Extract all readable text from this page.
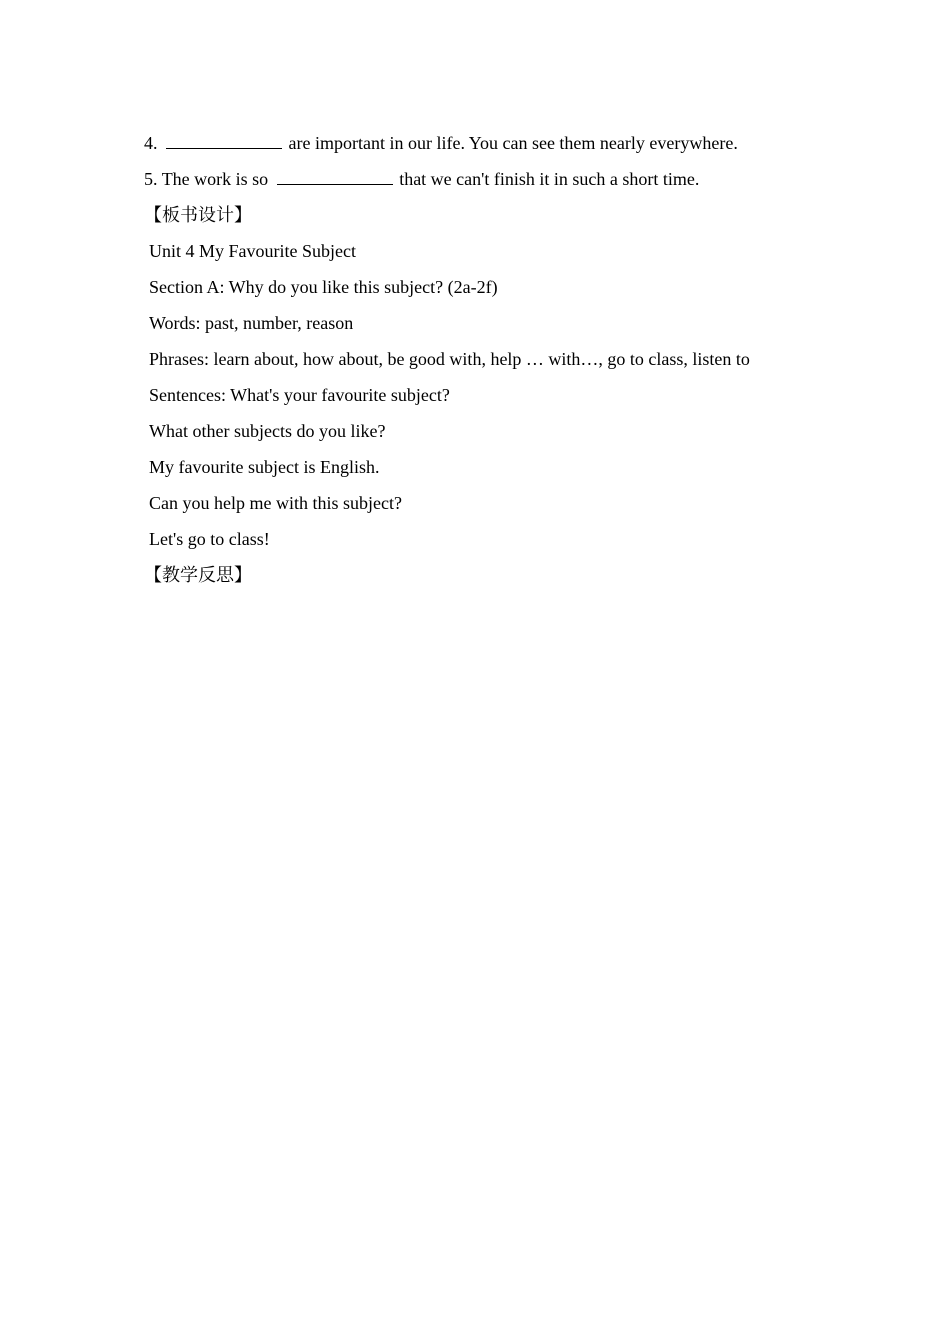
4.	are important in our life. You can see them nearly everywhere.
5. The work is so	that we can't finish it in such a short time.
【板书设计】
Unit 4 My Favourite Subject
Section A: Why do you like this subject? (2a-2f)
Words: past, number, reason
Phrases: learn about, how about, be good with, help … with…, go to class, listen to
Sentences: What's your favourite subject?
What other subjects do you like?
My favourite subject is English.
Can you help me with this subject?
Let's go to class!
【教学反思】
